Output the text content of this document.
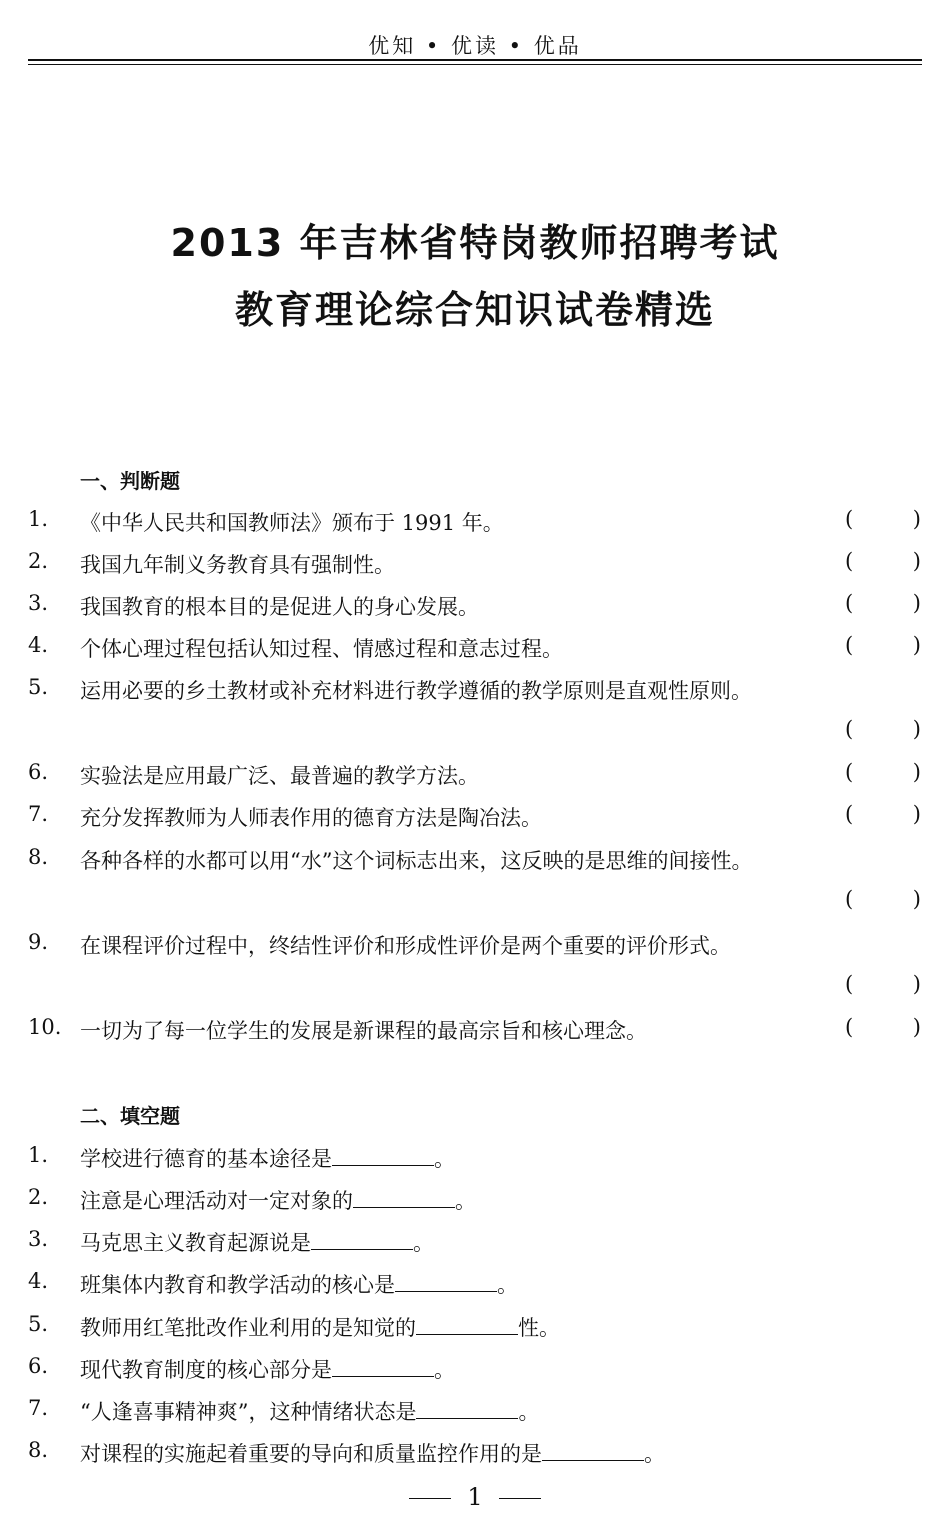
优知 • 优读 • 优品
2013 年吉林省特岗教师招聘考试
教育理论综合知识试卷精选
一、判断题
1. 《中华人民共和国教师法》颁布于 1991 年。	(	)
2. 我国九年制义务教育具有强制性。	(	)
3. 我国教育的根本目的是促进人的身心发展。	(	)
4. 个体心理过程包括认知过程、情感过程和意志过程。	(	)
5. 运用必要的乡土教材或补充材料进行教学遵循的教学原则是直观性原则。
(	)
6. 实验法是应用最广泛、最普遍的教学方法。	(	)
7. 充分发挥教师为人师表作用的德育方法是陶冶法。	(	)
8. 各种各样的水都可以用“水”这个词标志出来，这反映的是思维的间接性。
(	)
9. 在课程评价过程中，终结性评价和形成性评价是两个重要的评价形式。
(	)
10. 一切为了每一位学生的发展是新课程的最高宗旨和核心理念。	(	)
二、填空题
1. 学校进行德育的基本途径是	。
2. 注意是心理活动对一定对象的	。
3. 马克思主义教育起源说是	。
4. 班集体内教育和教学活动的核心是	。
5. 教师用红笔批改作业利用的是知觉的	性。
6. 现代教育制度的核心部分是	。
7. “人逢喜事精神爽”，这种情绪状态是	。
8. 对课程的实施起着重要的导向和质量监控作用的是	。
1
